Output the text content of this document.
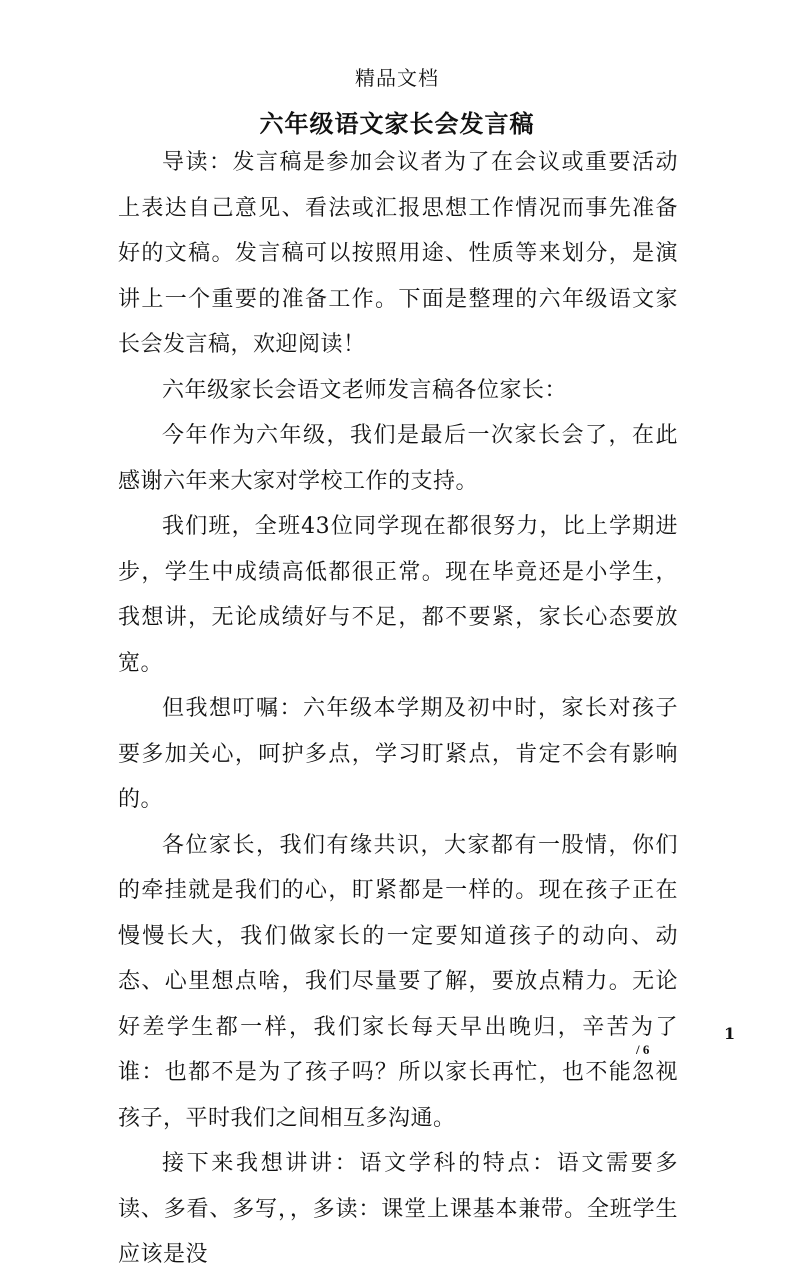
精品文档
六年级语文家长会发言稿

导读：发言稿是参加会议者为了在会议或重要活动上表达自己意见、看法或汇报思想工作情况而事先准备好的文稿。发言稿可以按照用途、性质等来划分，是演讲上一个重要的准备工作。下面是整理的六年级语文家长会发言稿，欢迎阅读！

六年级家长会语文老师发言稿各位家长：

今年作为六年级，我们是最后一次家长会了，在此感谢六年来大家对学校工作的支持。

我们班，全班43位同学现在都很努力，比上学期进步，学生中成绩高低都很正常。现在毕竟还是小学生，我想讲，无论成绩好与不足，都不要紧，家长心态要放宽。

但我想叮嘱：六年级本学期及初中时，家长对孩子要多加关心，呵护多点，学习盯紧点，肯定不会有影响的。

各位家长，我们有缘共识，大家都有一股情，你们的牵挂就是我们的心，盯紧都是一样的。现在孩子正在慢慢长大，我们做家长的一定要知道孩子的动向、动态、心里想点啥，我们尽量要了解，要放点精力。无论好差学生都一样，我们家长每天早出晚归，辛苦为了谁：也都不是为了孩子吗？所以家长再忙，也不能忽视孩子，平时我们之间相互多沟通。

接下来我想讲讲：语文学科的特点：语文需要多读、多看、多写，，多读：课堂上课基本兼带。全班学生应该是没

1
/ 6
